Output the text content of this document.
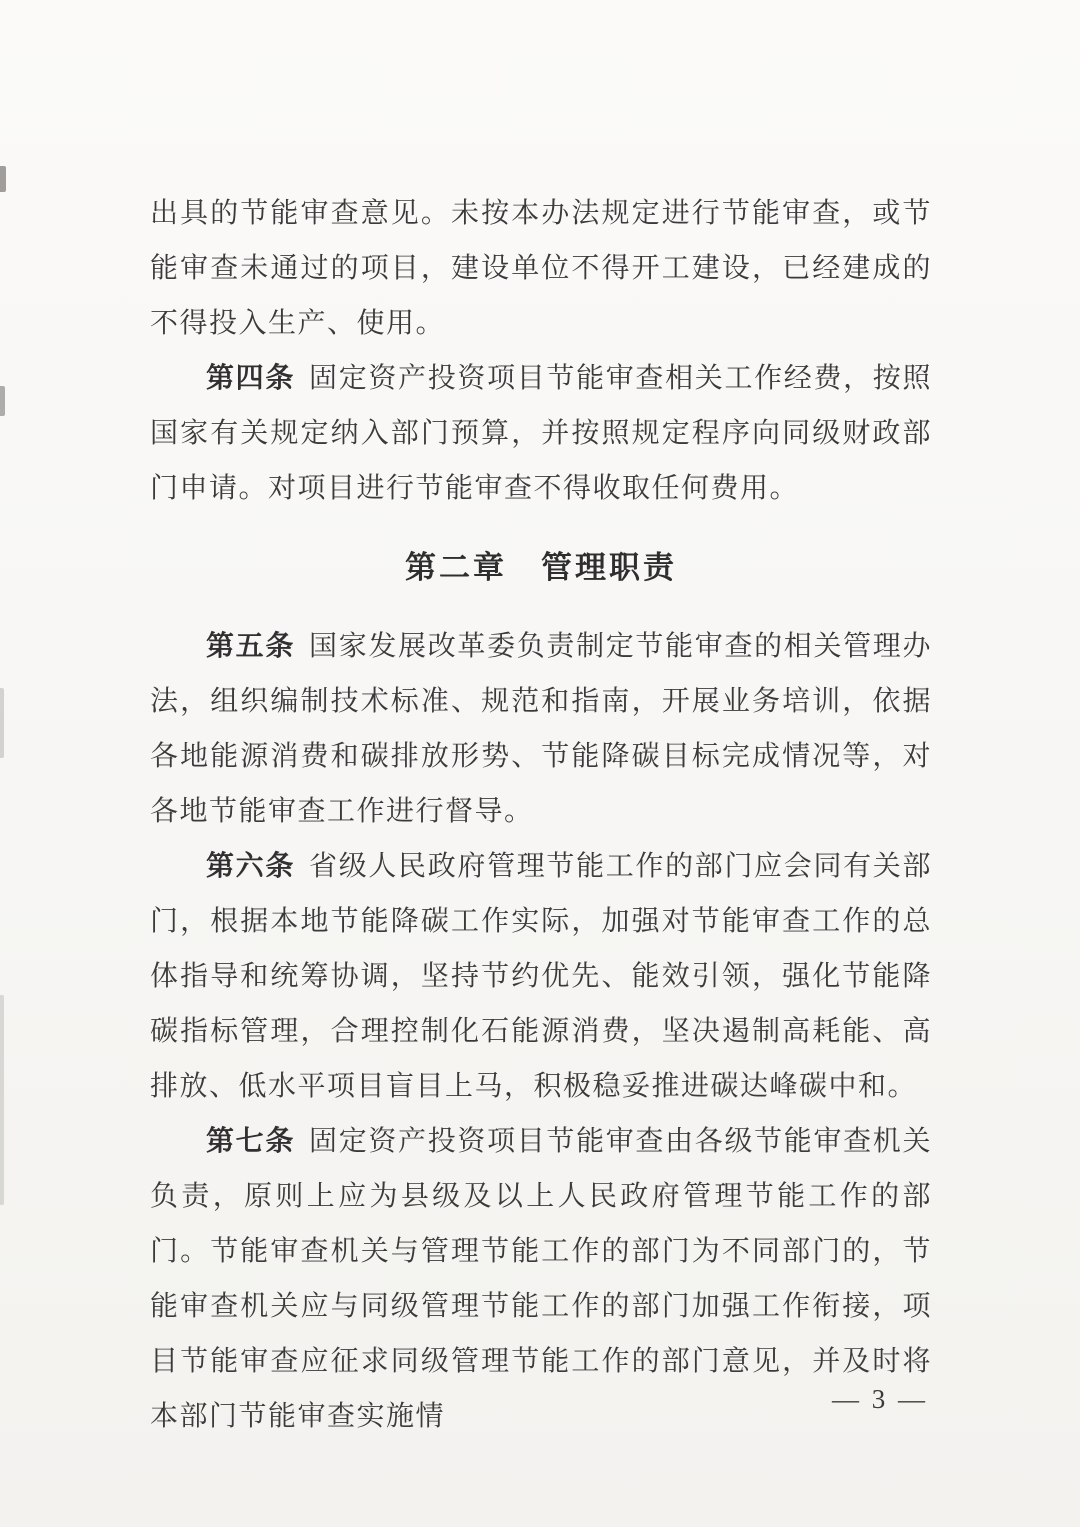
出具的节能审查意见。未按本办法规定进行节能审查，或节能审查未通过的项目，建设单位不得开工建设，已经建成的不得投入生产、使用。

第四条 固定资产投资项目节能审查相关工作经费，按照国家有关规定纳入部门预算，并按照规定程序向同级财政部门申请。对项目进行节能审查不得收取任何费用。

第二章　管理职责

第五条 国家发展改革委负责制定节能审查的相关管理办法，组织编制技术标准、规范和指南，开展业务培训，依据各地能源消费和碳排放形势、节能降碳目标完成情况等，对各地节能审查工作进行督导。

第六条 省级人民政府管理节能工作的部门应会同有关部门，根据本地节能降碳工作实际，加强对节能审查工作的总体指导和统筹协调，坚持节约优先、能效引领，强化节能降碳指标管理，合理控制化石能源消费，坚决遏制高耗能、高排放、低水平项目盲目上马，积极稳妥推进碳达峰碳中和。

第七条 固定资产投资项目节能审查由各级节能审查机关负责，原则上应为县级及以上人民政府管理节能工作的部门。节能审查机关与管理节能工作的部门为不同部门的，节能审查机关应与同级管理节能工作的部门加强工作衔接，项目节能审查应征求同级管理节能工作的部门意见，并及时将本部门节能审查实施情

— 3 —
